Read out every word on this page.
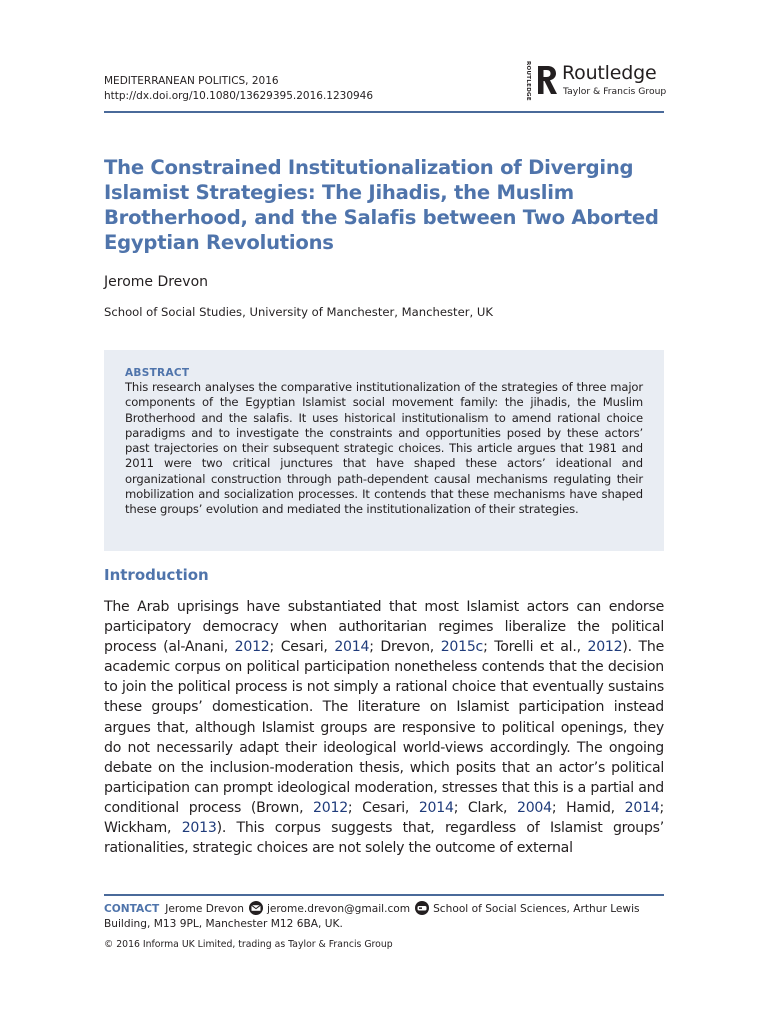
MEDITERRANEAN POLITICS, 2016
http://dx.doi.org/10.1080/13629395.2016.1230946	ROUTLEDGE Routledge
Taylor & Francis Group
The Constrained Institutionalization of Diverging
Islamist Strategies: The Jihadis, the Muslim
Brotherhood, and the Salafis between Two Aborted
Egyptian Revolutions
Jerome Drevon
School of Social Studies, University of Manchester, Manchester, UK
ABSTRACT
This research analyses the comparative institutionalization of the strategies of three major components of the Egyptian Islamist social movement family: the jihadis, the Muslim Brotherhood and the salafis. It uses historical institutionalism to amend rational choice paradigms and to investigate the constraints and opportunities posed by these actors’ past trajectories on their subsequent strategic choices. This article argues that 1981 and 2011 were two critical junctures that have shaped these actors’ ideational and organizational construction through path-dependent causal mechanisms regulating their mobilization and socialization processes. It contends that these mechanisms have shaped these groups’ evolution and mediated the institutionalization of their strategies.
Introduction
The Arab uprisings have substantiated that most Islamist actors can endorse participatory democracy when authoritarian regimes liberalize the political process (al-Anani, 2012; Cesari, 2014; Drevon, 2015c; Torelli et al., 2012). The academic corpus on political participation nonetheless contends that the decision to join the political process is not simply a rational choice that eventually sustains these groups’ domestication. The literature on Islamist participation instead argues that, although Islamist groups are responsive to political openings, they do not necessarily adapt their ideological world-views accordingly. The ongoing debate on the inclusion-moderation thesis, which posits that an actor’s political participation can prompt ideological moderation, stresses that this is a partial and conditional process (Brown, 2012; Cesari, 2014; Clark, 2004; Hamid, 2014; Wickham, 2013). This corpus suggests that, regardless of Islamist groups’ rationalities, strategic choices are not solely the outcome of external
CONTACT Jerome Drevon jerome.drevon@gmail.com School of Social Sciences, Arthur Lewis Building, M13 9PL, Manchester M12 6BA, UK.
© 2016 Informa UK Limited, trading as Taylor & Francis Group
